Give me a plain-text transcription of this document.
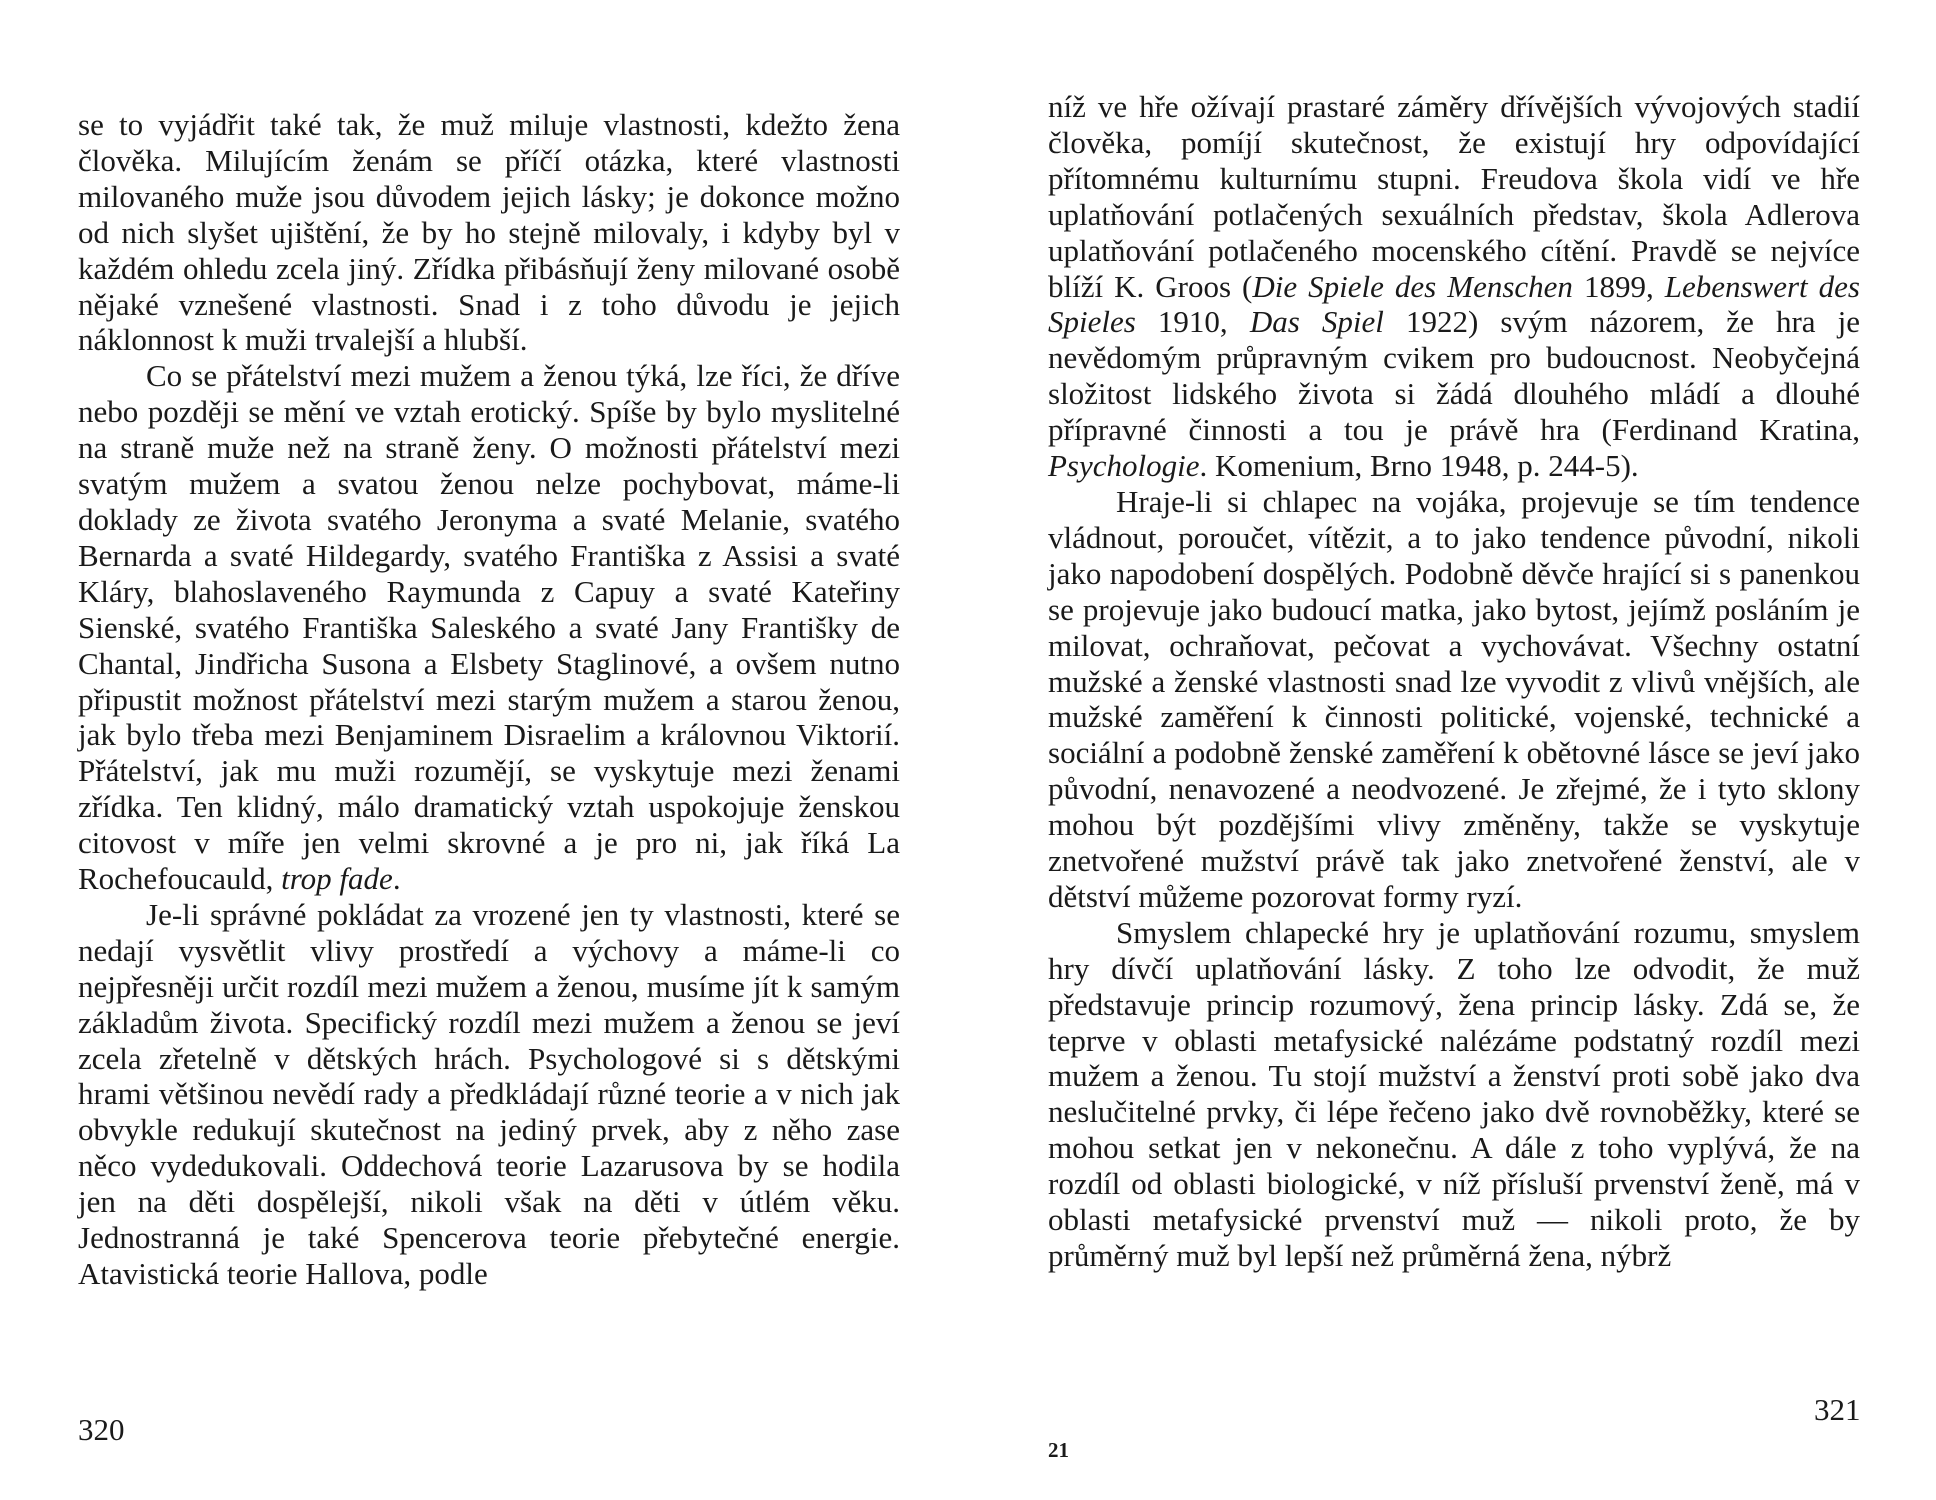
se to vyjádřit také tak, že muž miluje vlastnosti, kdežto žena člověka. Milujícím ženám se příčí otázka, které vlastnosti milovaného muže jsou důvodem jejich lásky; je dokonce možno od nich slyšet ujištění, že by ho stejně milovaly, i kdyby byl v každém ohledu zcela jiný. Zřídka přibásňují ženy milované osobě nějaké vznešené vlastnosti. Snad i z toho důvodu je jejich náklonnost k muži trvalejší a hlubší.

Co se přátelství mezi mužem a ženou týká, lze říci, že dříve nebo později se mění ve vztah erotický. Spíše by bylo myslitelné na straně muže než na straně ženy. O možnosti přátelství mezi svatým mužem a svatou ženou nelze pochybovat, máme-li doklady ze života svatého Jeronyma a svaté Melanie, svatého Bernarda a svaté Hildegardy, svatého Františka z Assisi a svaté Kláry, blahoslaveného Raymunda z Capuy a svaté Kateřiny Sienské, svatého Františka Saleského a svaté Jany Františky de Chantal, Jindřicha Susona a Elsbety Staglinové, a ovšem nutno připustit možnost přátelství mezi starým mužem a starou ženou, jak bylo třeba mezi Benjaminem Disraelim a královnou Viktorií. Přátelství, jak mu muži rozumějí, se vyskytuje mezi ženami zřídka. Ten klidný, málo dramatický vztah uspokojuje ženskou citovost v míře jen velmi skrovné a je pro ni, jak říká La Rochefoucauld, trop fade.

Je-li správné pokládat za vrozené jen ty vlastnosti, které se nedají vysvětlit vlivy prostředí a výchovy a máme-li co nejpřesněji určit rozdíl mezi mužem a ženou, musíme jít k samým základům života. Specifický rozdíl mezi mužem a ženou se jeví zcela zřetelně v dětských hrách. Psychologové si s dětskými hrami většinou nevědí rady a předkládají různé teorie a v nich jak obvykle redukují skutečnost na jediný prvek, aby z něho zase něco vydedukovali. Oddechová teorie Lazarusova by se hodila jen na děti dospělejší, nikoli však na děti v útlém věku. Jednostranná je také Spencerova teorie přebytečné energie. Atavistická teorie Hallova, podle

320

níž ve hře ožívají prastaré záměry dřívějších vývojových stadií člověka, pomíjí skutečnost, že existují hry odpovídající přítomnému kulturnímu stupni. Freudova škola vidí ve hře uplatňování potlačených sexuálních představ, škola Adlerova uplatňování potlačeného mocenského cítění. Pravdě se nejvíce blíží K. Groos (Die Spiele des Menschen 1899, Lebenswert des Spieles 1910, Das Spiel 1922) svým názorem, že hra je nevědomým průpravným cvikem pro budoucnost. Neobyčejná složitost lidského života si žádá dlouhého mládí a dlouhé přípravné činnosti a tou je právě hra (Ferdinand Kratina, Psychologie. Komenium, Brno 1948, p. 244-5).

Hraje-li si chlapec na vojáka, projevuje se tím tendence vládnout, poroučet, vítězit, a to jako tendence původní, nikoli jako napodobení dospělých. Podobně děvče hrající si s panenkou se projevuje jako budoucí matka, jako bytost, jejímž posláním je milovat, ochraňovat, pečovat a vychovávat. Všechny ostatní mužské a ženské vlastnosti snad lze vyvodit z vlivů vnějších, ale mužské zaměření k činnosti politické, vojenské, technické a sociální a podobně ženské zaměření k obětovné lásce se jeví jako původní, nenavozené a neodvozené. Je zřejmé, že i tyto sklony mohou být pozdějšími vlivy změněny, takže se vyskytuje znetvořené mužství právě tak jako znetvořené ženství, ale v dětství můžeme pozorovat formy ryzí.

Smyslem chlapecké hry je uplatňování rozumu, smyslem hry dívčí uplatňování lásky. Z toho lze odvodit, že muž představuje princip rozumový, žena princip lásky. Zdá se, že teprve v oblasti metafysické nalézáme podstatný rozdíl mezi mužem a ženou. Tu stojí mužství a ženství proti sobě jako dva neslučitelné prvky, či lépe řečeno jako dvě rovnoběžky, které se mohou setkat jen v nekonečnu. A dále z toho vyplývá, že na rozdíl od oblasti biologické, v níž přísluší prvenství ženě, má v oblasti metafysické prvenství muž — nikoli proto, že by průměrný muž byl lepší než průměrná žena, nýbrž

321
21
